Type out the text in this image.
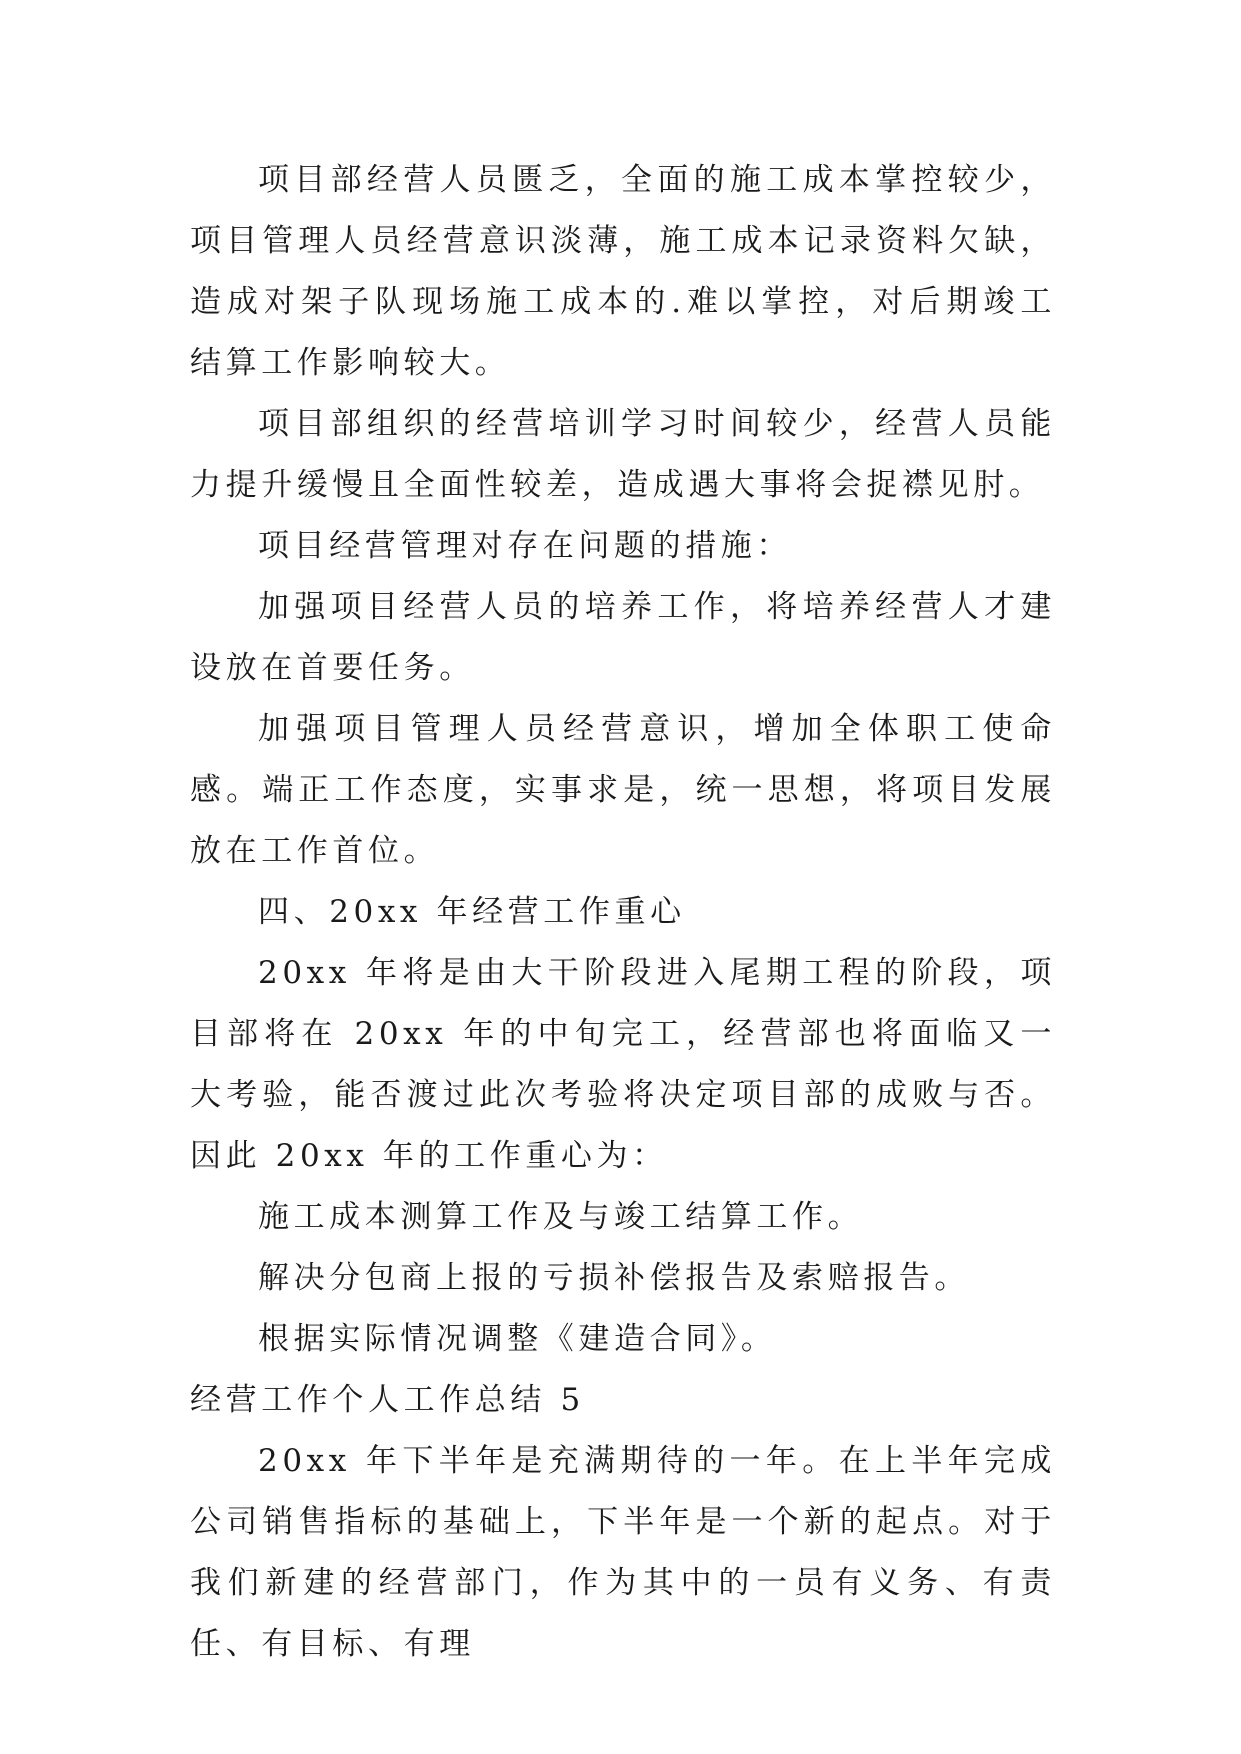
项目部经营人员匮乏，全面的施工成本掌控较少，项目管理人员经营意识淡薄，施工成本记录资料欠缺，造成对架子队现场施工成本的.难以掌控，对后期竣工结算工作影响较大。

项目部组织的经营培训学习时间较少，经营人员能力提升缓慢且全面性较差，造成遇大事将会捉襟见肘。

项目经营管理对存在问题的措施：

加强项目经营人员的培养工作，将培养经营人才建设放在首要任务。

加强项目管理人员经营意识，增加全体职工使命感。端正工作态度，实事求是，统一思想，将项目发展放在工作首位。

四、20xx 年经营工作重心

20xx 年将是由大干阶段进入尾期工程的阶段，项目部将在 20xx 年的中旬完工，经营部也将面临又一大考验，能否渡过此次考验将决定项目部的成败与否。因此 20xx 年的工作重心为：

施工成本测算工作及与竣工结算工作。

解决分包商上报的亏损补偿报告及索赔报告。

根据实际情况调整《建造合同》。

经营工作个人工作总结 5

20xx 年下半年是充满期待的一年。在上半年完成公司销售指标的基础上，下半年是一个新的起点。对于我们新建的经营部门，作为其中的一员有义务、有责任、有目标、有理
